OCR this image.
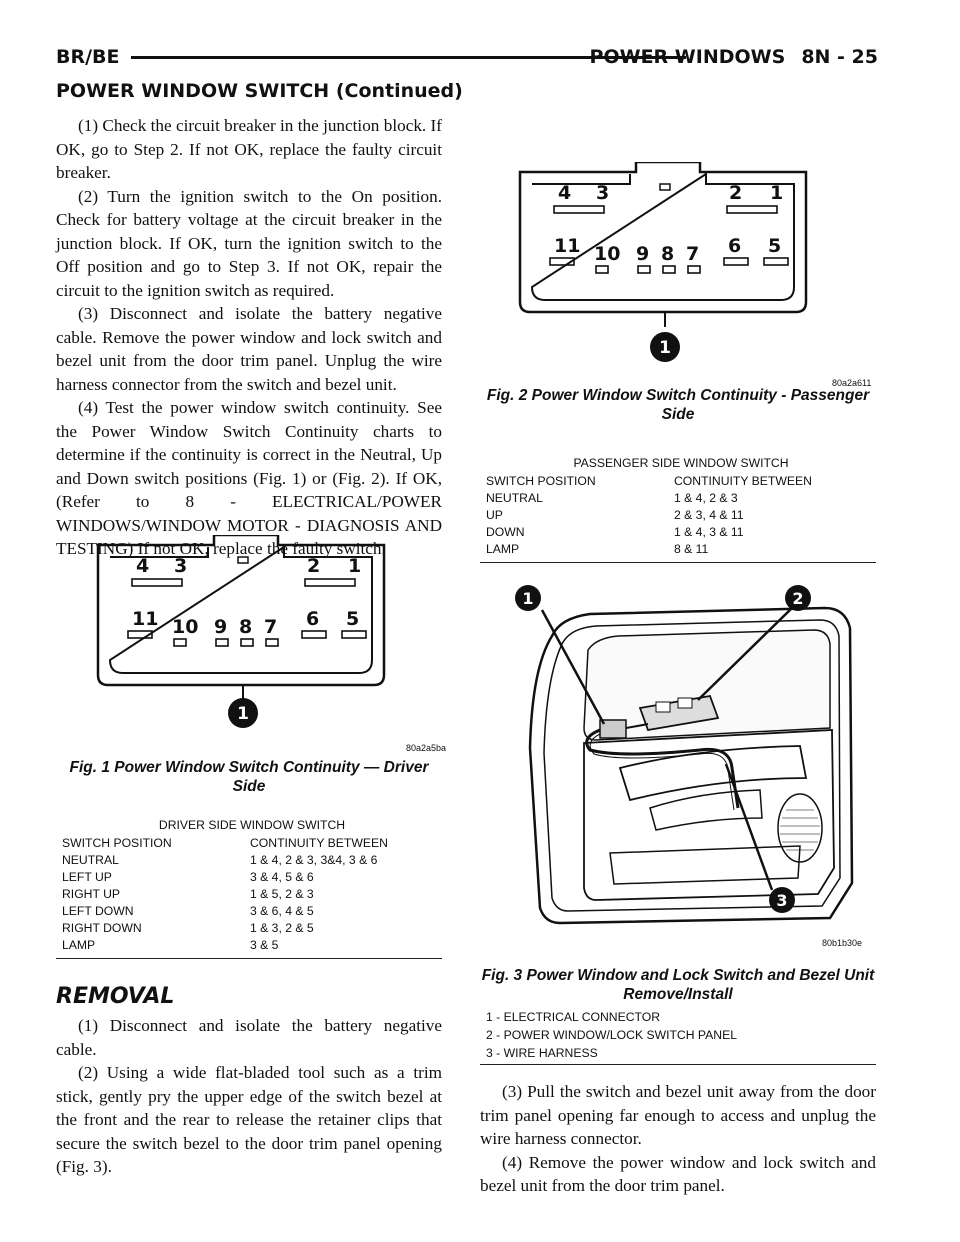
BR/BE	POWER WINDOWS 8N - 25
POWER WINDOW SWITCH (Continued)

(1) Check the circuit breaker in the junction block. If OK, go to Step 2. If not OK, replace the faulty circuit breaker.

(2) Turn the ignition switch to the On position. Check for battery voltage at the circuit breaker in the junction block. If OK, turn the ignition switch to the Off position and go to Step 3. If not OK, repair the circuit to the ignition switch as required.

(3) Disconnect and isolate the battery negative cable. Remove the power window and lock switch and bezel unit from the door trim panel. Unplug the wire harness connector from the switch and bezel unit.

(4) Test the power window switch continuity. See the Power Window Switch Continuity charts to determine if the continuity is correct in the Neutral, Up and Down switch positions (Fig. 1) or (Fig. 2). If OK, (Refer to 8 - ELECTRICAL/POWER WINDOWS/WINDOW MOTOR - DIAGNOSIS AND TESTING) If not OK, replace the faulty switch.

4 3	2 1
11 10 9 8 7 6 5
1
80a2a5ba
Fig. 1 Power Window Switch Continuity — Driver Side
DRIVER SIDE WINDOW SWITCH
SWITCH POSITION	CONTINUITY BETWEEN
NEUTRAL	1 & 4, 2 & 3, 3&4, 3 & 6
LEFT UP	3 & 4, 5 & 6
RIGHT UP	1 & 5, 2 & 3
LEFT DOWN	3 & 6, 4 & 5
RIGHT DOWN	1 & 3, 2 & 5
LAMP	3 & 5
REMOVAL

(1) Disconnect and isolate the battery negative cable.

(2) Using a wide flat-bladed tool such as a trim stick, gently pry the upper edge of the switch bezel at the front and the rear to release the retainer clips that secure the switch bezel to the door trim panel opening (Fig. 3).

4 3	2 1
11 10 9 8 7 6 5
1
80a2a611
Fig. 2 Power Window Switch Continuity - Passenger Side
PASSENGER SIDE WINDOW SWITCH
SWITCH POSITION	CONTINUITY BETWEEN
NEUTRAL	1 & 4, 2 & 3
UP	2 & 3, 4 & 11
DOWN	1 & 4, 3 & 11
LAMP	8 & 11
1	2
3
80b1b30e
Fig. 3 Power Window and Lock Switch and Bezel Unit Remove/Install
1 - ELECTRICAL CONNECTOR
2 - POWER WINDOW/LOCK SWITCH PANEL
3 - WIRE HARNESS

(3) Pull the switch and bezel unit away from the door trim panel opening far enough to access and unplug the wire harness connector.

(4) Remove the power window and lock switch and bezel unit from the door trim panel.
